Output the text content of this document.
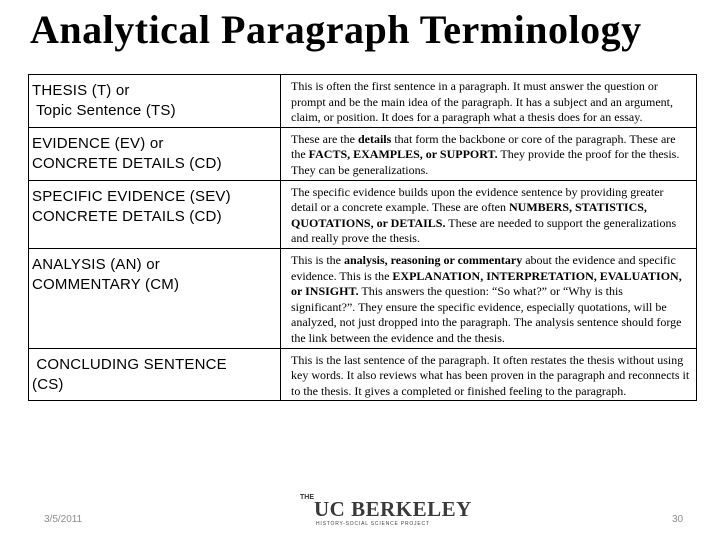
Analytical Paragraph Terminology
THESIS (T) or
Topic Sentence (TS)	This is often the first sentence in a paragraph. It must answer the question or prompt and be the main idea of the paragraph. It has a subject and an argument, claim, or position. It does for a paragraph what a thesis does for an essay.

EVIDENCE (EV) or
CONCRETE DETAILS (CD)	These are the details that form the backbone or core of the paragraph. These are the FACTS, EXAMPLES, or SUPPORT. They provide the proof for the thesis. They can be generalizations.

SPECIFIC EVIDENCE (SEV)
CONCRETE DETAILS (CD)	The specific evidence builds upon the evidence sentence by providing greater detail or a concrete example. These are often NUMBERS, STATISTICS, QUOTATIONS, or DETAILS. These are needed to support the generalizations and really prove the thesis.

ANALYSIS (AN) or
COMMENTARY (CM)	This is the analysis, reasoning or commentary about the evidence and specific evidence. This is the EXPLANATION, INTERPRETATION, EVALUATION, or INSIGHT. This answers the question: “So what?” or “Why is this significant?”. They ensure the specific evidence, especially quotations, will be analyzed, not just dropped into the paragraph. The analysis sentence should forge the link between the evidence and the thesis.

CONCLUDING SENTENCE
(CS)	This is the last sentence of the paragraph. It often restates the thesis without using key words. It also reviews what has been proven in the paragraph and reconnects it to the thesis. It gives a completed or finished feeling to the paragraph.
THE UC BERKELEY
HISTORY-SOCIAL SCIENCE PROJECT
3/5/2011	30
